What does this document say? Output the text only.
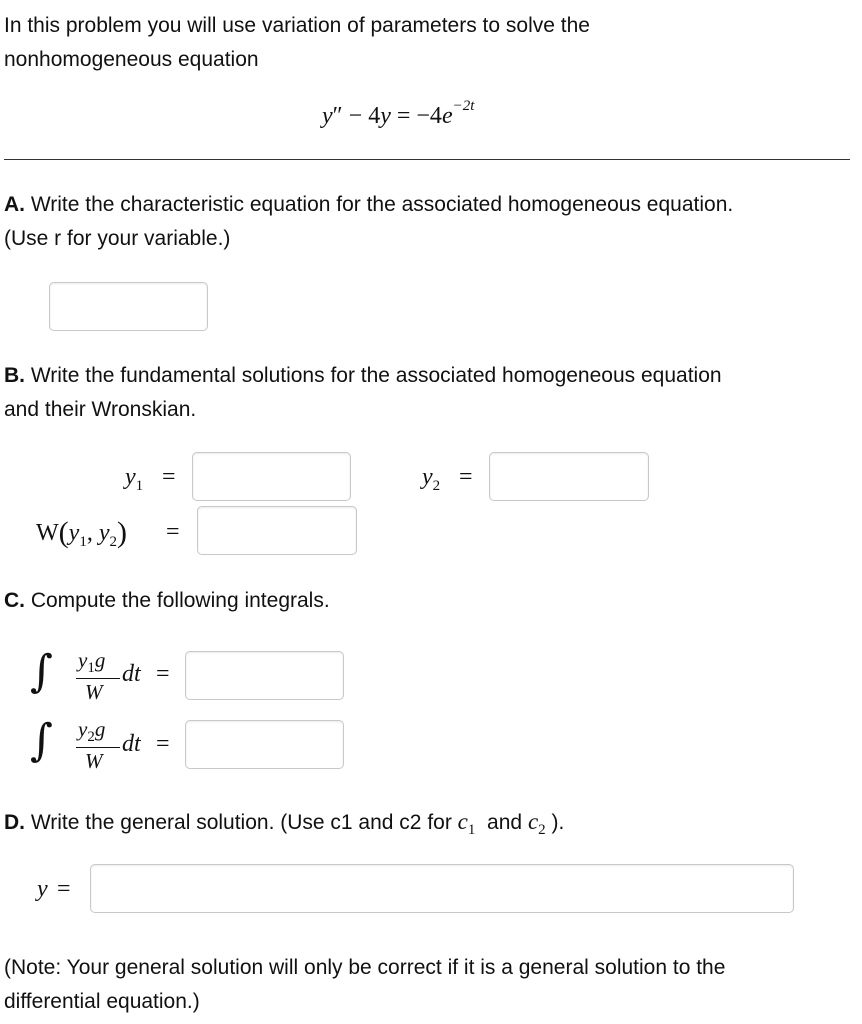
In this problem you will use variation of parameters to solve the
nonhomogeneous equation
$y'' - 4y = -4e^{-2t}$
A. Write the characteristic equation for the associated homogeneous equation.
(Use r for your variable.)
B. Write the fundamental solutions for the associated homogeneous equation
and their Wronskian.
$y_1$ =	$y_2$ =
$W(y_1$, $y_2$) =
C. Compute the following integrals.
∫ $y_1g$
W
dt =
∫ $y_2g$
W
dt =
D. Write the general solution. (Use c1 and c2 for $c_1$  and $c_2$ ).
y =
(Note: Your general solution will only be correct if it is a general solution to the
differential equation.)
